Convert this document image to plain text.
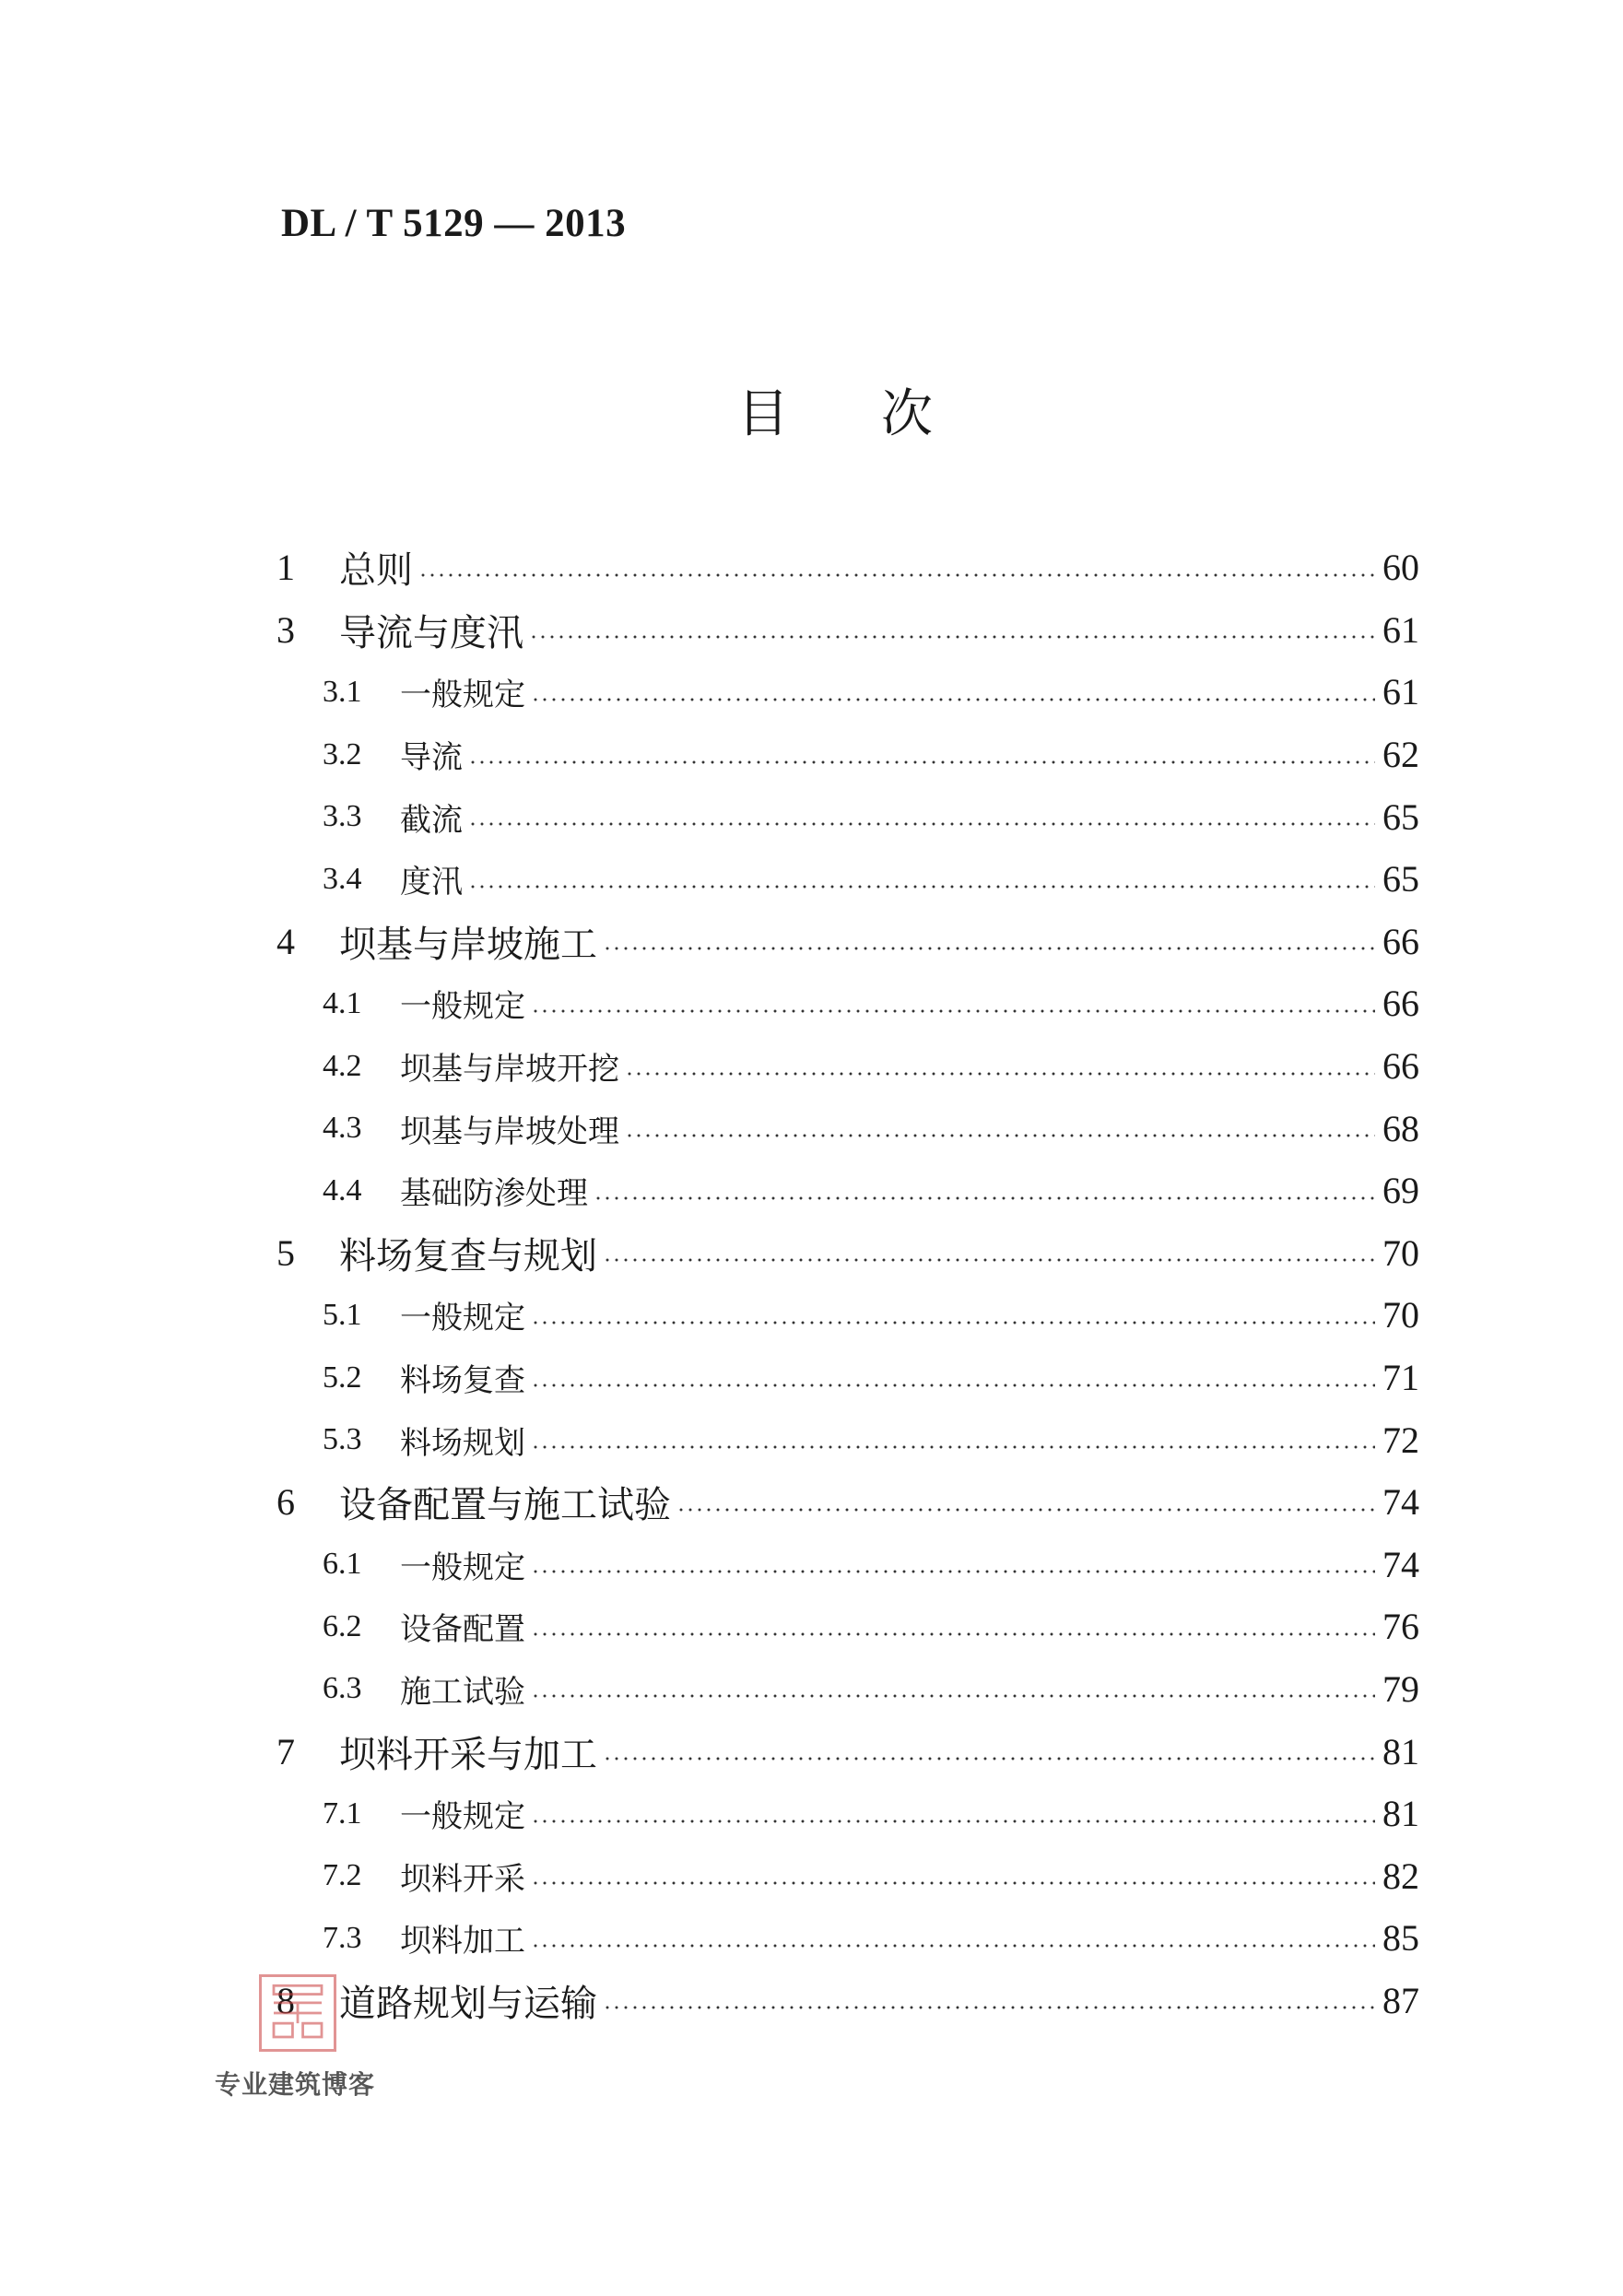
DL / T 5129 — 2013
目 次
1 总则	60
3 导流与度汛	61
3.1 一般规定	61
3.2 导流	62
3.3 截流	65
3.4 度汛	65
4 坝基与岸坡施工	66
4.1 一般规定	66
4.2 坝基与岸坡开挖	66
4.3 坝基与岸坡处理	68
4.4 基础防渗处理	69
5 料场复查与规划	70
5.1 一般规定	70
5.2 料场复查	71
5.3 料场规划	72
6 设备配置与施工试验	74
6.1 一般规定	74
6.2 设备配置	76
6.3 施工试验	79
7 坝料开采与加工	81
7.1 一般规定	81
7.2 坝料开采	82
7.3 坝料加工	85
8 道路规划与运输	87
专业建筑博客
